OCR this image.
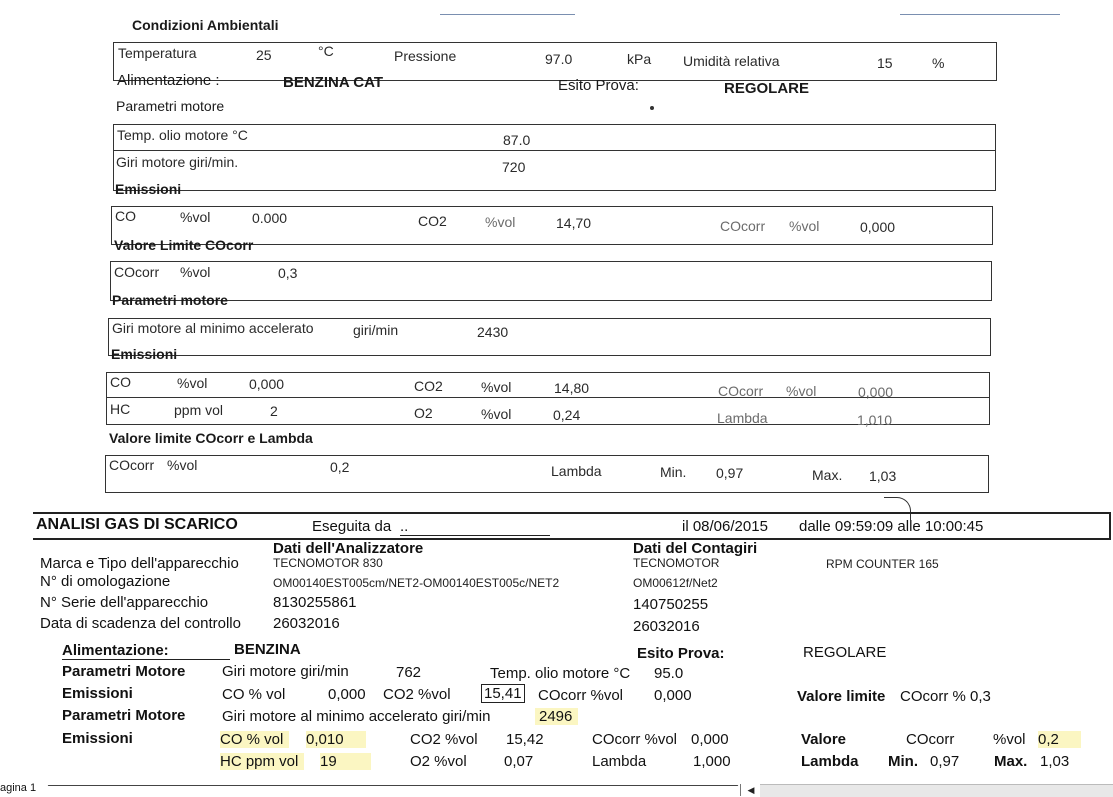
Condizioni Ambientali
Temperatura	25	°C	Pressione	97.0	kPa Umidità relativa	15	%
Alimentazione :	BENZINA CAT	Esito Prova:	REGOLARE
Parametri motore
Temp. olio motore °C	87.0
Giri motore giri/min.	720
Emissioni
CO	%vol	0.000	CO2	%vol	14,70	COcorr %vol	0,000
Valore Limite COcorr
COcorr %vol	0,3
Parametri motore
Giri motore al minimo accelerato	giri/min	2430
Emissioni
CO	%vol	0,000	CO2	%vol	14,80	COcorr %vol	0,000
HC	ppm vol	2	O2	%vol	0,24	Lambda	1,010
Valore limite COcorr e Lambda
COcorr %vol	0,2	Lambda	Min. 0,97	Max. 1,03
ANALISI GAS DI SCARICO	Eseguita da ..	il 08/06/2015 dalle 09:59:09 alle 10:00:45
Dati dell'Analizzatore	Dati del Contagiri
Marca e Tipo dell'apparecchio	TECNOMOTOR 830	TECNOMOTOR	RPM COUNTER 165
N° di omologazione	OM00140EST005cm/NET2-OM00140EST005c/NET2	OM00612f/Net2
N° Serie dell'apparecchio	8130255861	140750255
Data di scadenza del controllo 26032016	26032016
Alimentazione:	BENZINA	Esito Prova:	REGOLARE
Parametri Motore Giri motore giri/min	762	Temp. olio motore °C 95.0
Emissioni	CO % vol	0,000 CO2 %vol 15,41 COcorr %vol 0,000	Valore limite COcorr % 0,3
Parametri Motore Giri motore al minimo accelerato giri/min	2496
Emissioni	CO % vol	0,010	CO2 %vol 15,42	COcorr %vol 0,000	Valore	COcorr	%vol 0,2
HC ppm vol	19	O2 %vol 0,07	Lambda	1,000	Lambda Min. 0,97 Max. 1,03
agina 1	◀
